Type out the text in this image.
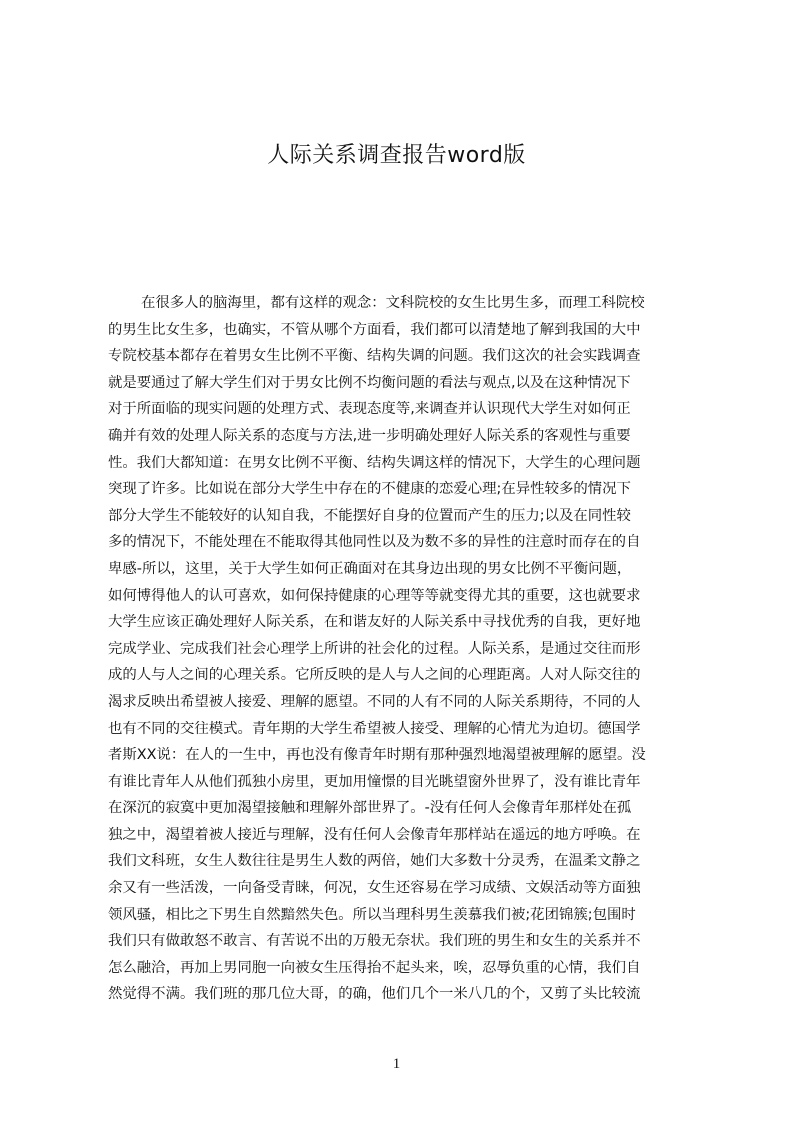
人际关系调查报告word版
在很多人的脑海里，都有这样的观念：文科院校的女生比男生多，而理工科院校
的男生比女生多，也确实，不管从哪个方面看，我们都可以清楚地了解到我国的大中
专院校基本都存在着男女生比例不平衡、结构失调的问题。我们这次的社会实践调查
就是要通过了解大学生们对于男女比例不均衡问题的看法与观点,以及在这种情况下
对于所面临的现实问题的处理方式、表现态度等,来调查并认识现代大学生对如何正
确并有效的处理人际关系的态度与方法,进一步明确处理好人际关系的客观性与重要
性。我们大都知道：在男女比例不平衡、结构失调这样的情况下，大学生的心理问题
突现了许多。比如说在部分大学生中存在的不健康的恋爱心理;在异性较多的情况下
部分大学生不能较好的认知自我，不能摆好自身的位置而产生的压力;以及在同性较
多的情况下，不能处理在不能取得其他同性以及为数不多的异性的注意时而存在的自
卑感-所以，这里，关于大学生如何正确面对在其身边出现的男女比例不平衡问题，
如何博得他人的认可喜欢，如何保持健康的心理等等就变得尤其的重要，这也就要求
大学生应该正确处理好人际关系，在和谐友好的人际关系中寻找优秀的自我，更好地
完成学业、完成我们社会心理学上所讲的社会化的过程。人际关系，是通过交往而形
成的人与人之间的心理关系。它所反映的是人与人之间的心理距离。人对人际交往的
渴求反映出希望被人接爱、理解的愿望。不同的人有不同的人际关系期待，不同的人
也有不同的交往模式。青年期的大学生希望被人接受、理解的心情尤为迫切。德国学
者斯XX说：在人的一生中，再也没有像青年时期有那种强烈地渴望被理解的愿望。没
有谁比青年人从他们孤独小房里，更加用憧憬的目光眺望窗外世界了，没有谁比青年
在深沉的寂寞中更加渴望接触和理解外部世界了。-没有任何人会像青年那样处在孤
独之中，渴望着被人接近与理解，没有任何人会像青年那样站在遥远的地方呼唤。在
我们文科班，女生人数往往是男生人数的两倍，她们大多数十分灵秀，在温柔文静之
余又有一些活泼，一向备受青睐，何况，女生还容易在学习成绩、文娱活动等方面独
领风骚，相比之下男生自然黯然失色。所以当理科男生羡慕我们被;花团锦簇;包围时
我们只有做敢怒不敢言、有苦说不出的万般无奈状。我们班的男生和女生的关系并不
怎么融洽，再加上男同胞一向被女生压得抬不起头来，唉，忍辱负重的心情，我们自
然觉得不满。我们班的那几位大哥，的确，他们几个一米八几的个，又剪了头比较流
1
